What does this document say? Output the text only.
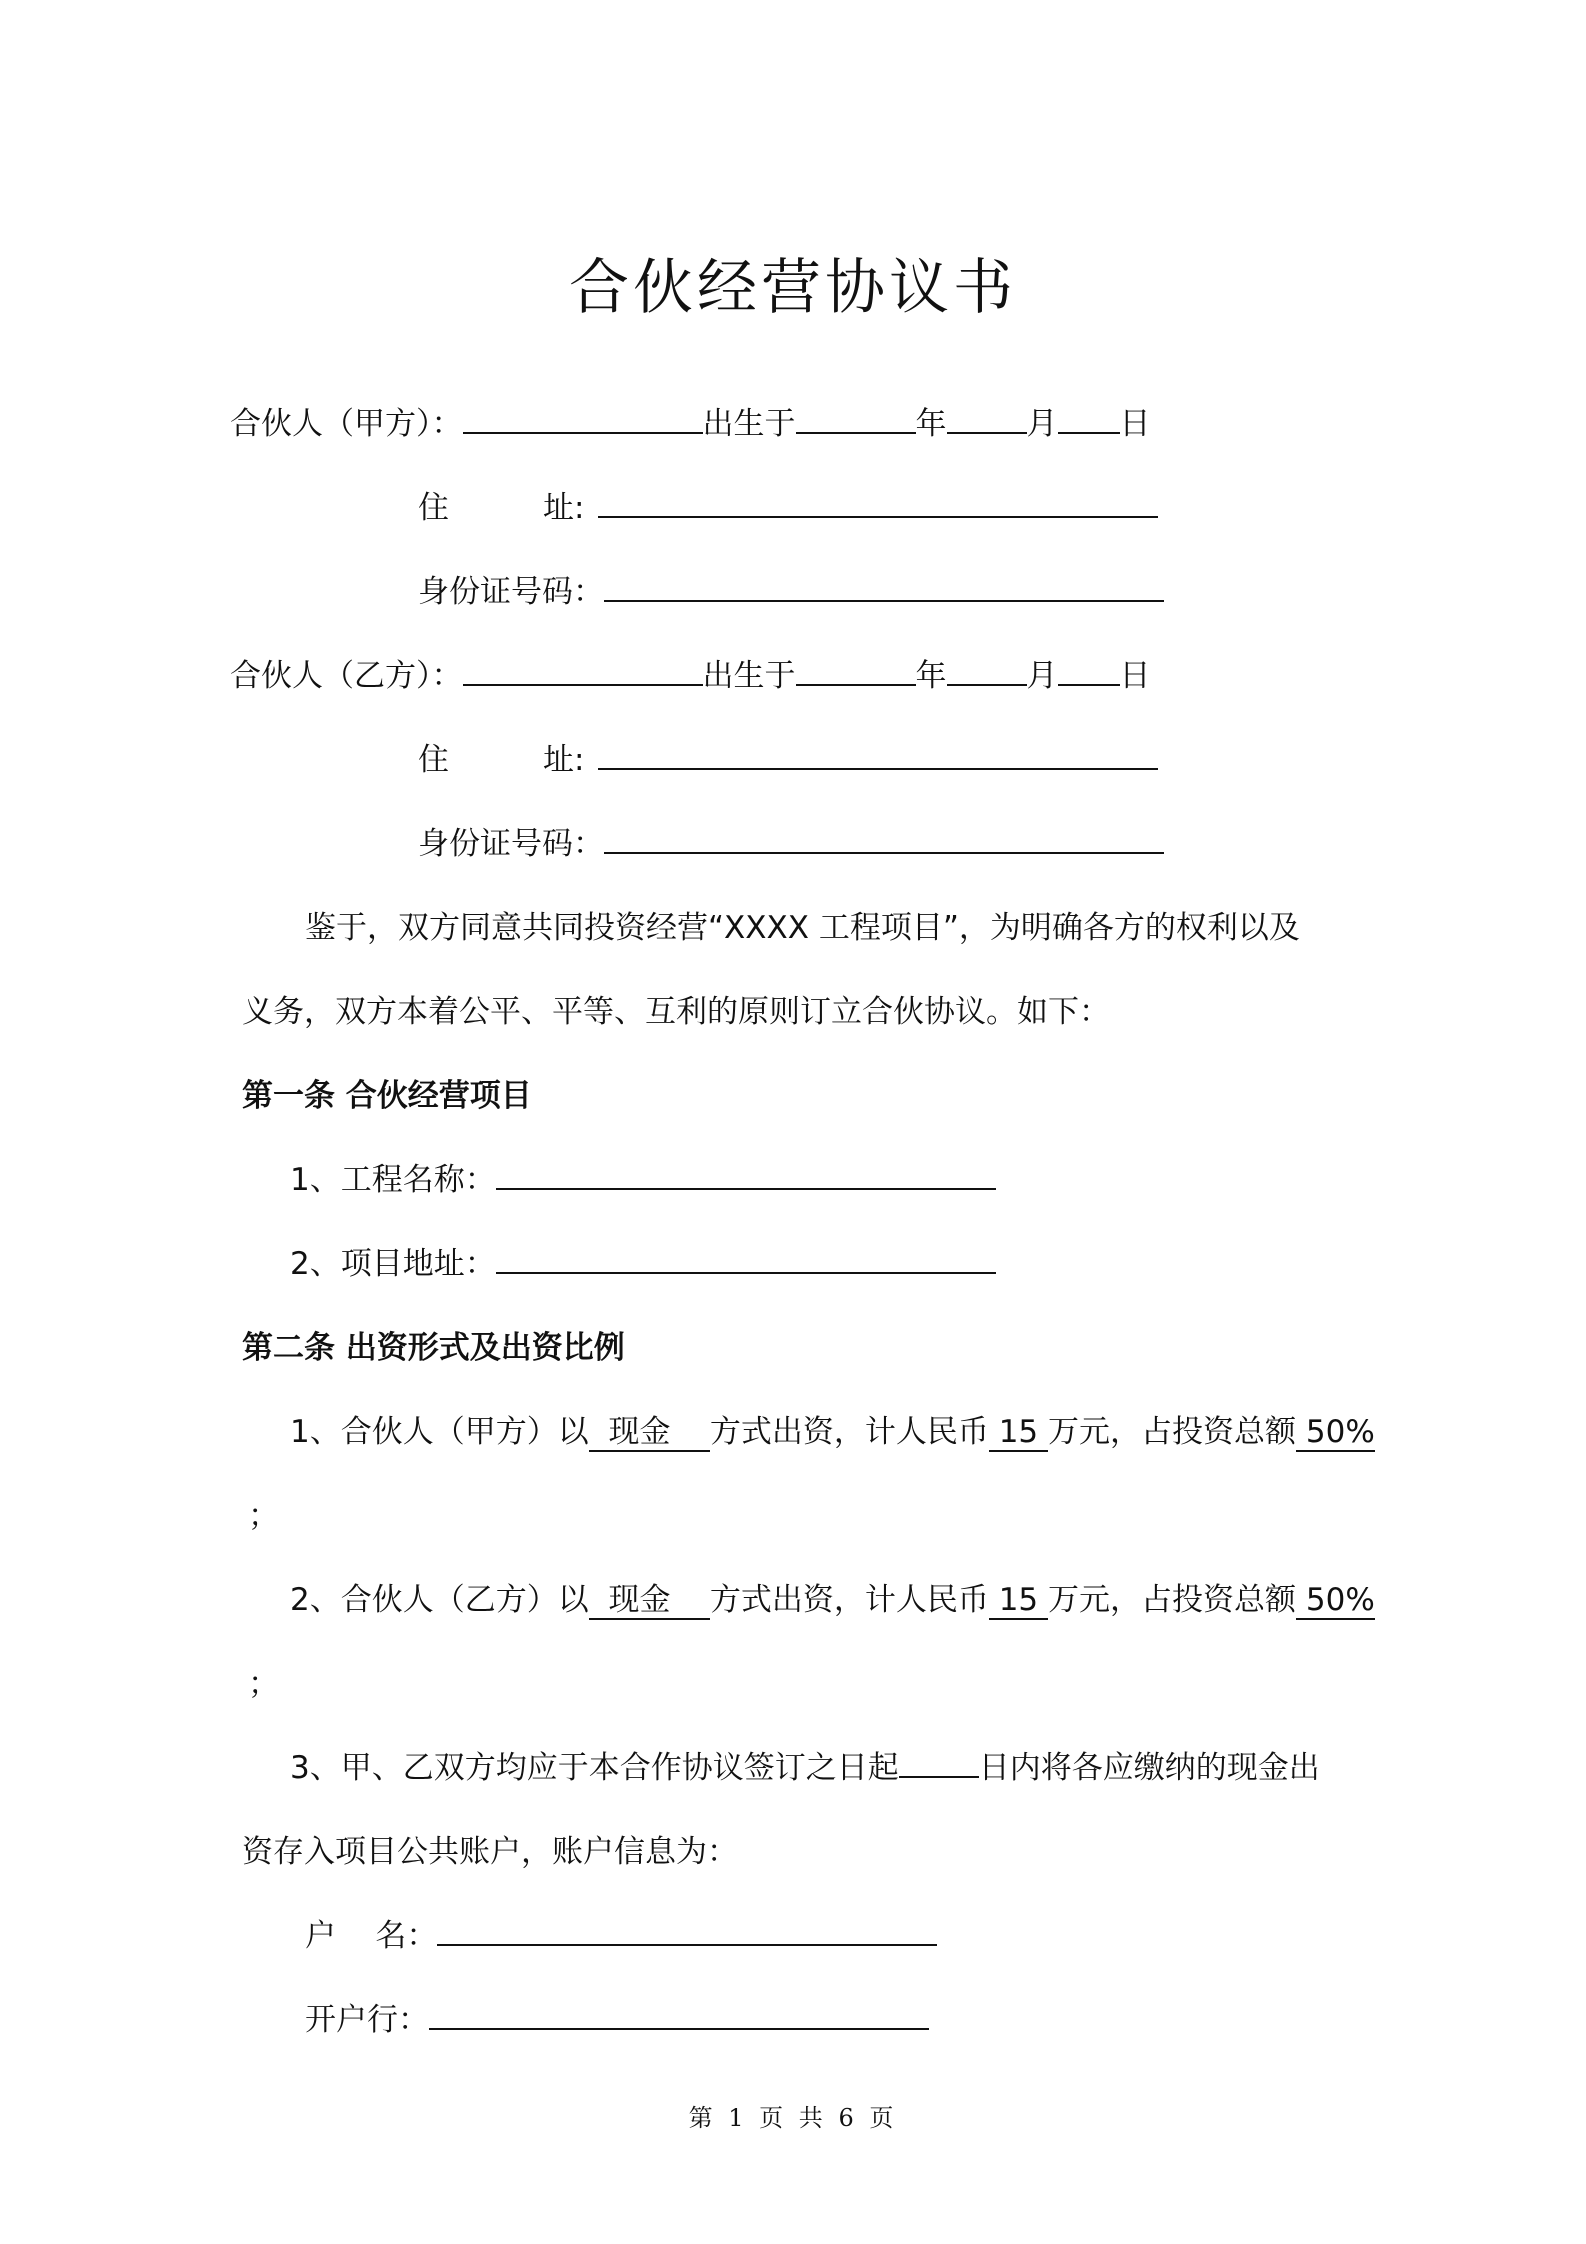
合伙经营协议书
合伙人（甲方）：	出生于	年	月 日
住	址:
身份证号码：
合伙人（乙方）：	出生于	年	月 日
住	址:
身份证号码：
鉴于，双方同意共同投资经营“XXXX 工程项目”，为明确各方的权利以及
义务，双方本着公平、平等、互利的原则订立合伙协议。如下：
第一条 合伙经营项目
1、工程名称：
2、项目地址：
第二条 出资形式及出资比例
1、合伙人（甲方）以  现金    方式出资，计人民币 15 万元，占投资总额 50%
；
2、合伙人（乙方）以  现金    方式出资，计人民币 15 万元，占投资总额 50%
；
3、甲、乙双方均应于本合作协议签订之日起	日内将各应缴纳的现金出
资存入项目公共账户，账户信息为：
户    名：
开户行：
第 1 页 共 6 页
